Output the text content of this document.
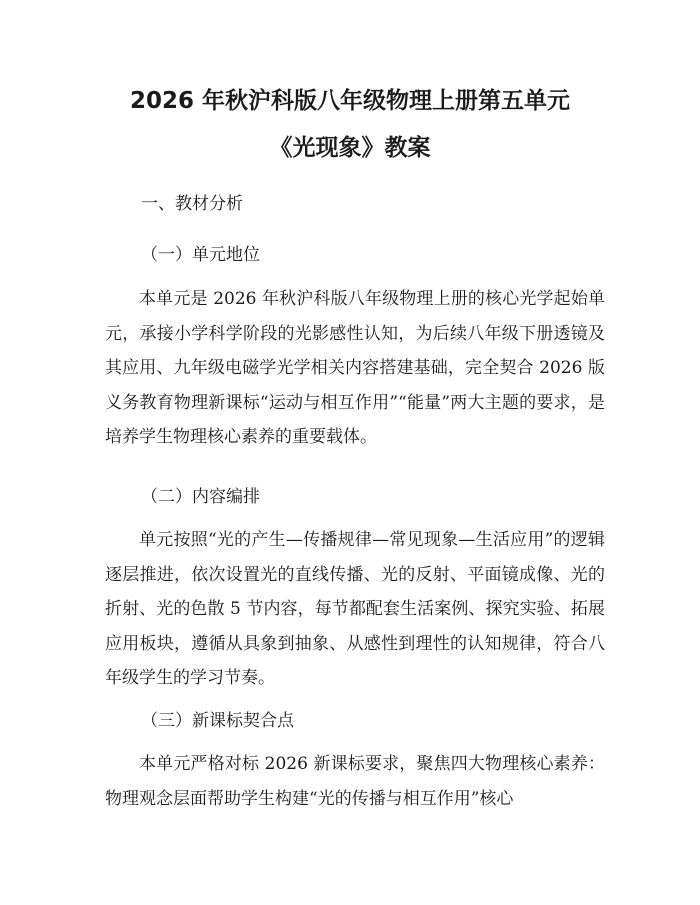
2026 年秋沪科版八年级物理上册第五单元
《光现象》教案
一、教材分析
（一）单元地位

本单元是 2026 年秋沪科版八年级物理上册的核心光学起始单元，承接小学科学阶段的光影感性认知，为后续八年级下册透镜及其应用、九年级电磁学光学相关内容搭建基础，完全契合 2026 版义务教育物理新课标“运动与相互作用”“能量”两大主题的要求，是培养学生物理核心素养的重要载体。

（二）内容编排

单元按照“光的产生—传播规律—常见现象—生活应用”的逻辑逐层推进，依次设置光的直线传播、光的反射、平面镜成像、光的折射、光的色散 5 节内容，每节都配套生活案例、探究实验、拓展应用板块，遵循从具象到抽象、从感性到理性的认知规律，符合八年级学生的学习节奏。

（三）新课标契合点

本单元严格对标 2026 新课标要求，聚焦四大物理核心素养：物理观念层面帮助学生构建“光的传播与相互作用”核心
